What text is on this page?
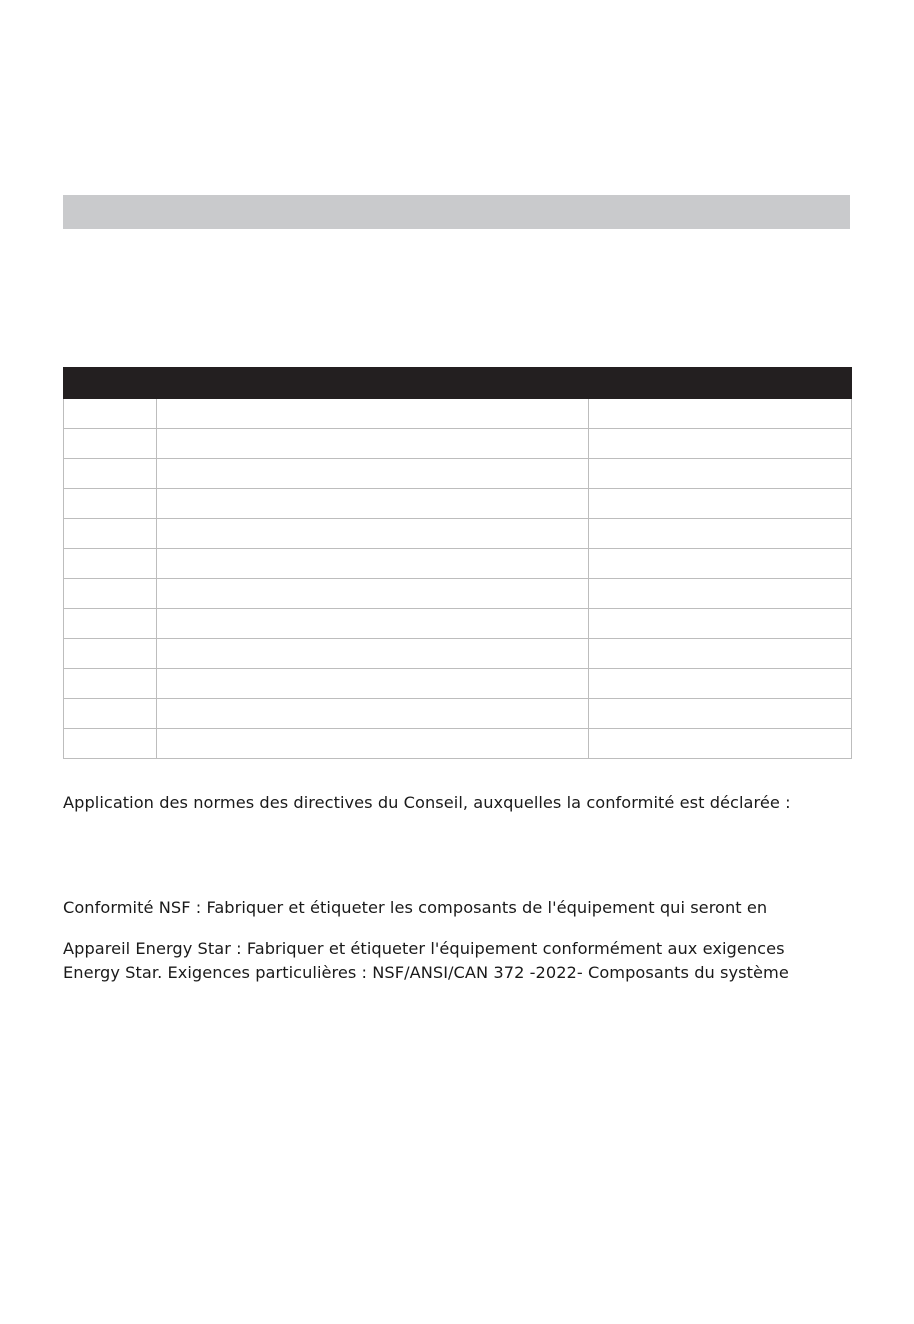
Application des normes des directives du Conseil, auxquelles la conformité est déclarée :

Conformité NSF : Fabriquer et étiqueter les composants de l'équipement qui seront en

Appareil Energy Star : Fabriquer et étiqueter l'équipement conformément aux exigences

Energy Star. Exigences particulières : NSF/ANSI/CAN 372 -2022- Composants du système
